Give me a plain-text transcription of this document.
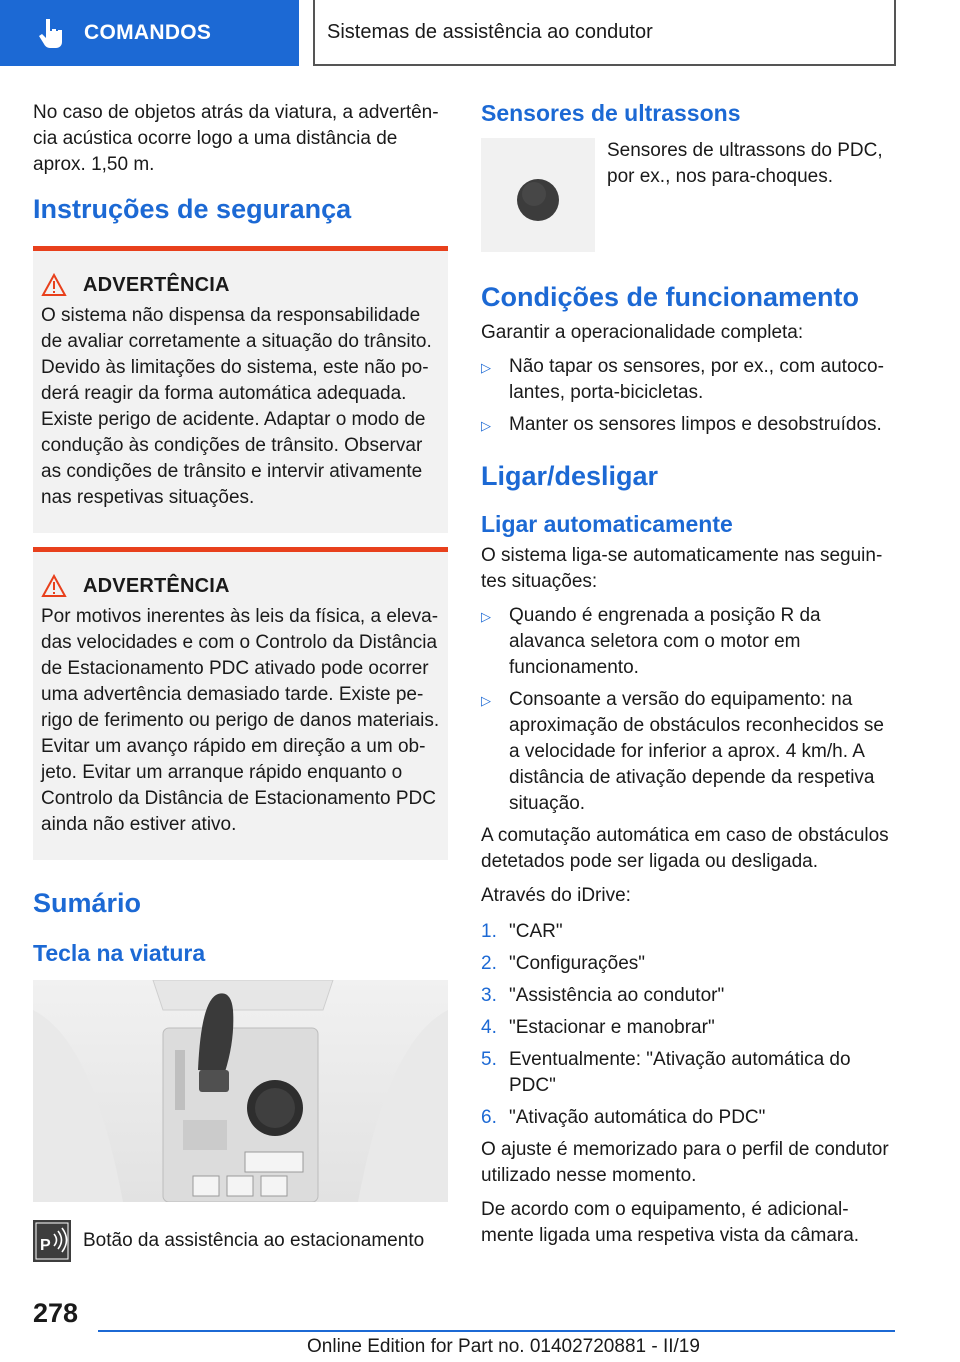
COMANDOS	Sistemas de assistência ao condutor

No caso de objetos atrás da viatura, a advertên-cia acústica ocorre logo a uma distância de aprox. 1,50 m.

Instruções de segurança
ADVERTÊNCIA

O sistema não dispensa da responsabilidade de avaliar corretamente a situação do trânsito. Devido às limitações do sistema, este não po-derá reagir da forma automática adequada. Existe perigo de acidente. Adaptar o modo de condução às condições de trânsito. Observar as condições de trânsito e intervir ativamente nas respetivas situações.

ADVERTÊNCIA

Por motivos inerentes às leis da física, a eleva-das velocidades e com o Controlo da Distância de Estacionamento PDC ativado pode ocorrer uma advertência demasiado tarde. Existe pe-rigo de ferimento ou perigo de danos materiais. Evitar um avanço rápido em direção a um ob-jeto. Evitar um arranque rápido enquanto o Controlo da Distância de Estacionamento PDC ainda não estiver ativo.

Sumário
Tecla na viatura
P Botão da assistência ao estacionamento
Sensores de ultrassons

Sensores de ultrassons do PDC, por ex., nos para-choques.

Condições de funcionamento

Garantir a operacionalidade completa:

▷ Não tapar os sensores, por ex., com autoco-lantes, porta-bicicletas.
▷ Manter os sensores limpos e desobstruídos.
Ligar/desligar
Ligar automaticamente

O sistema liga-se automaticamente nas seguin-tes situações:

▷ Quando é engrenada a posição R da alavanca seletora com o motor em funcionamento.
▷ Consoante a versão do equipamento: na aproximação de obstáculos reconhecidos se a velocidade for inferior a aprox. 4 km/h. A distância de ativação depende da respetiva situação.

A comutação automática em caso de obstáculos detetados pode ser ligada ou desligada.

Através do iDrive:

1. "CAR"
2. "Configurações"
3. "Assistência ao condutor"
4. "Estacionar e manobrar"
5. Eventualmente: "Ativação automática do PDC"
6. "Ativação automática do PDC"

O ajuste é memorizado para o perfil de condutor utilizado nesse momento.

De acordo com o equipamento, é adicional-mente ligada uma respetiva vista da câmara.

278
Online Edition for Part no. 01402720881 - II/19
